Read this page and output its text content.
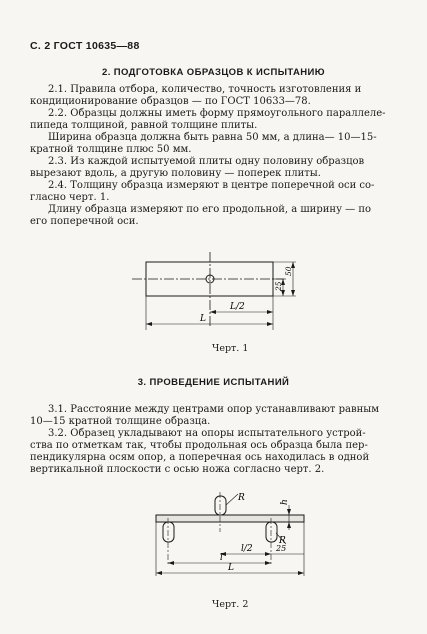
С. 2 ГОСТ 10635—88
2. ПОДГОТОВКА ОБРАЗЦОВ К ИСПЫТАНИЮ
2.1. Правила отбора, количество, точность изготовления и
кондиционирование образцов — по ГОСТ 10633—78.
2.2. Образцы должны иметь форму прямоугольного параллеле-
пипеда толщиной, равной толщине плиты.
Ширина образца должна быть равна 50 мм, а длина— 10—15-
кратной толщине плюс 50 мм.
2.3. Из каждой испытуемой плиты одну половину образцов
вырезают вдоль, а другую половину — поперек плиты.
2.4. Толщину образца измеряют в центре поперечной оси со-
гласно черт. 1.
Длину образца измеряют по его продольной, а ширину — по
его поперечной оси.
L/2
L
25
50
Черт. 1
3. ПРОВЕДЕНИЕ ИСПЫТАНИЙ
3.1. Расстояние между центрами опор устанавливают равным
10—15 кратной толщине образца.
3.2. Образец укладывают на опоры испытательного устрой-
ства по отметкам так, чтобы продольная ось образца была пер-
пендикулярна осям опор, а поперечная ось находилась в одной
вертикальной плоскости с осью ножа согласно черт. 2.
R
R
h
l/2	25
l
L
Черт. 2
